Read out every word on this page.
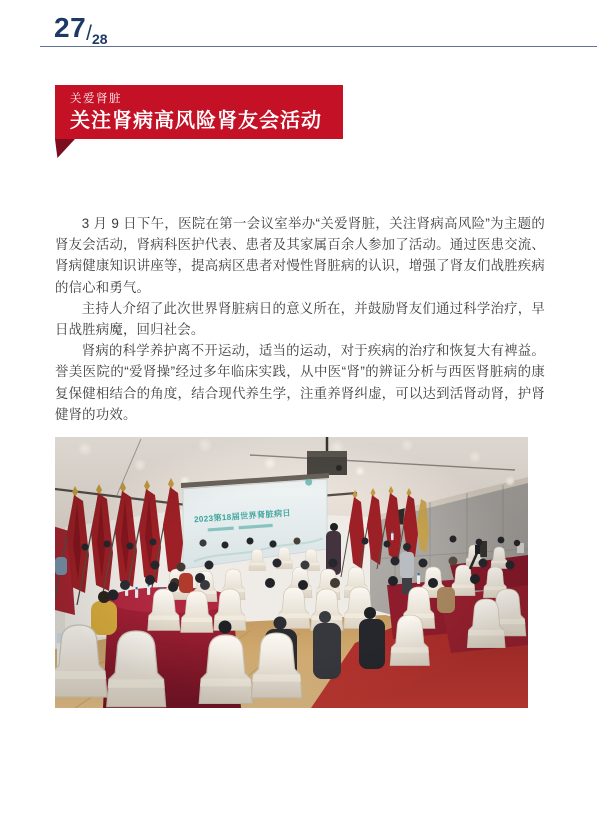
27/28
关爱肾脏
关注肾病高风险肾友会活动

3 月 9 日下午，医院在第一会议室举办“关爱肾脏，关注肾病高风险”为主题的肾友会活动，肾病科医护代表、患者及其家属百余人参加了活动。通过医患交流、肾病健康知识讲座等，提高病区患者对慢性肾脏病的认识，增强了肾友们战胜疾病的信心和勇气。

主持人介绍了此次世界肾脏病日的意义所在，并鼓励肾友们通过科学治疗，早日战胜病魔，回归社会。

肾病的科学养护离不开运动，适当的运动，对于疾病的治疗和恢复大有裨益。誉美医院的“爱肾操”经过多年临床实践，从中医“肾”的辨证分析与西医肾脏病的康复保健相结合的角度，结合现代养生学，注重养肾纠虚，可以达到活肾动肾，护肾健肾的功效。
